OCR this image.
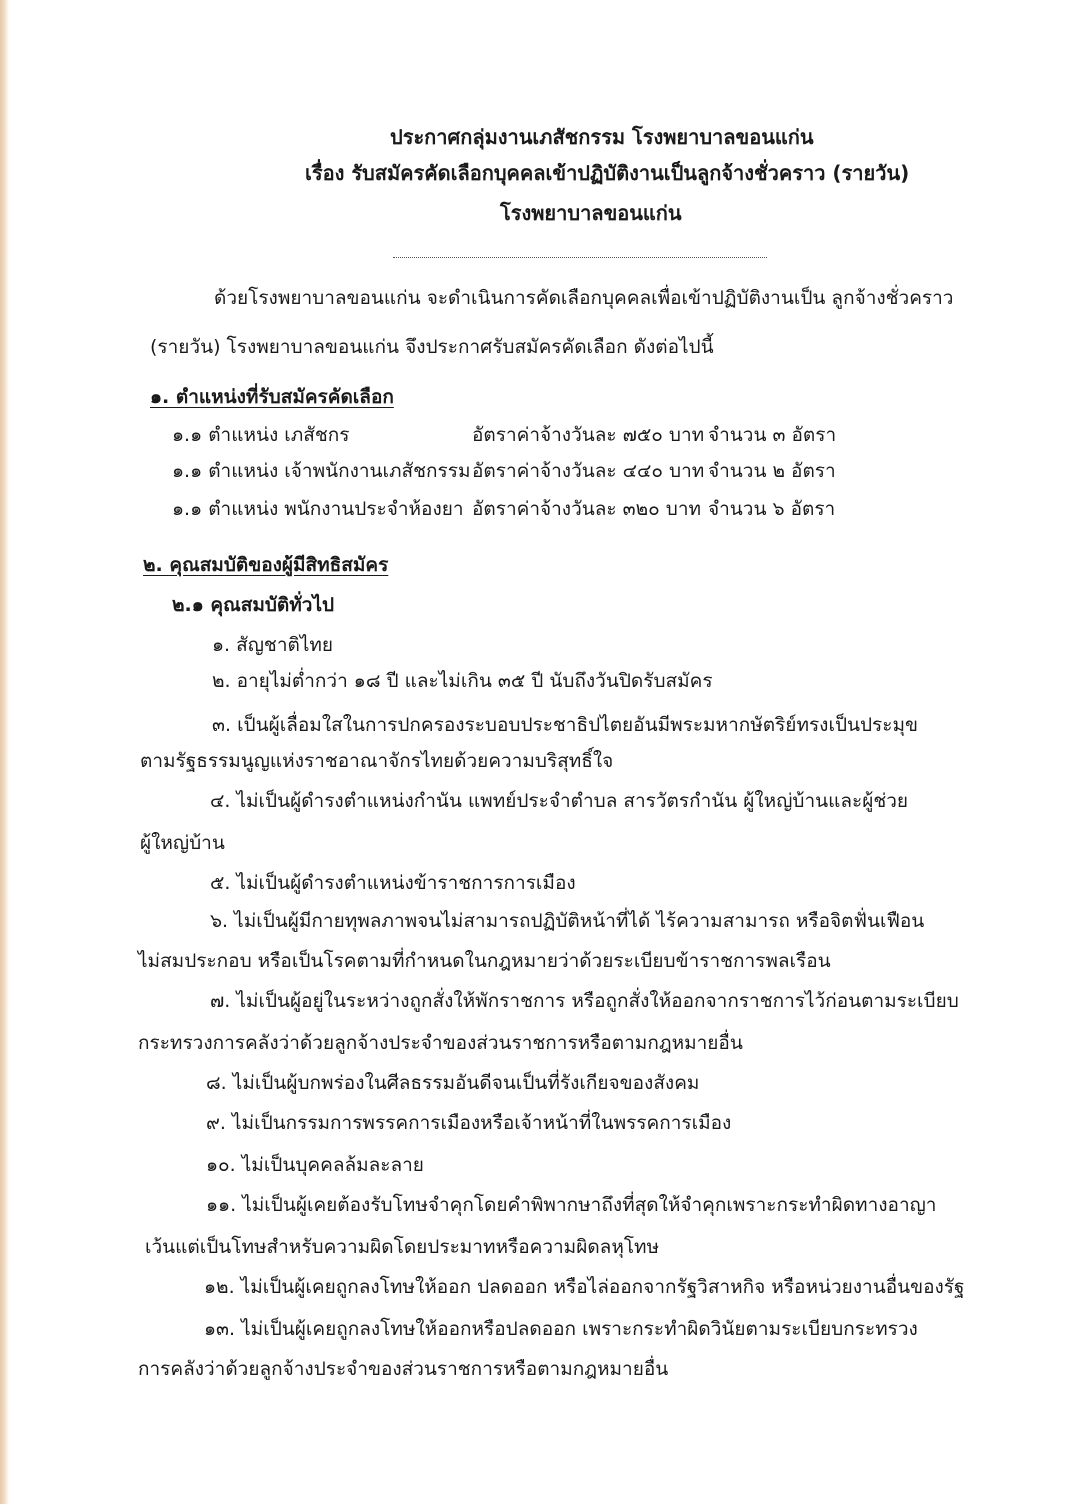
ประกาศกลุ่มงานเภสัชกรรม โรงพยาบาลขอนแก่น
เรื่อง รับสมัครคัดเลือกบุคคลเข้าปฏิบัติงานเป็นลูกจ้างชั่วคราว (รายวัน)
โรงพยาบาลขอนแก่น
ด้วยโรงพยาบาลขอนแก่น จะดำเนินการคัดเลือกบุคคลเพื่อเข้าปฏิบัติงานเป็น ลูกจ้างชั่วคราว
(รายวัน) โรงพยาบาลขอนแก่น จึงประกาศรับสมัครคัดเลือก ดังต่อไปนี้
๑. ตำแหน่งที่รับสมัครคัดเลือก
๑.๑ ตำแหน่ง เภสัชกร	อัตราค่าจ้างวันละ ๗๕๐ บาท จำนวน ๓ อัตรา
๑.๑ ตำแหน่ง เจ้าพนักงานเภสัชกรรม อัตราค่าจ้างวันละ ๔๔๐ บาท จำนวน ๒ อัตรา
๑.๑ ตำแหน่ง พนักงานประจำห้องยา อัตราค่าจ้างวันละ ๓๒๐ บาท จำนวน ๖ อัตรา
๒. คุณสมบัติของผู้มีสิทธิสมัคร
๒.๑ คุณสมบัติทั่วไป
๑. สัญชาติไทย
๒. อายุไม่ต่ำกว่า ๑๘ ปี และไม่เกิน ๓๕ ปี นับถึงวันปิดรับสมัคร
๓. เป็นผู้เลื่อมใสในการปกครองระบอบประชาธิปไตยอันมีพระมหากษัตริย์ทรงเป็นประมุข
ตามรัฐธรรมนูญแห่งราชอาณาจักรไทยด้วยความบริสุทธิ์ใจ
๔. ไม่เป็นผู้ดำรงตำแหน่งกำนัน แพทย์ประจำตำบล สารวัตรกำนัน ผู้ใหญ่บ้านและผู้ช่วย
ผู้ใหญ่บ้าน
๕. ไม่เป็นผู้ดำรงตำแหน่งข้าราชการการเมือง
๖. ไม่เป็นผู้มีกายทุพลภาพจนไม่สามารถปฏิบัติหน้าที่ได้ ไร้ความสามารถ หรือจิตฟั่นเฟือน
ไม่สมประกอบ หรือเป็นโรคตามที่กำหนดในกฎหมายว่าด้วยระเบียบข้าราชการพลเรือน
๗. ไม่เป็นผู้อยู่ในระหว่างถูกสั่งให้พักราชการ หรือถูกสั่งให้ออกจากราชการไว้ก่อนตามระเบียบ
กระทรวงการคลังว่าด้วยลูกจ้างประจำของส่วนราชการหรือตามกฎหมายอื่น
๘. ไม่เป็นผู้บกพร่องในศีลธรรมอันดีจนเป็นที่รังเกียจของสังคม
๙. ไม่เป็นกรรมการพรรคการเมืองหรือเจ้าหน้าที่ในพรรคการเมือง
๑๐. ไม่เป็นบุคคลล้มละลาย
๑๑. ไม่เป็นผู้เคยต้องรับโทษจำคุกโดยคำพิพากษาถึงที่สุดให้จำคุกเพราะกระทำผิดทางอาญา
เว้นแต่เป็นโทษสำหรับความผิดโดยประมาทหรือความผิดลหุโทษ
๑๒. ไม่เป็นผู้เคยถูกลงโทษให้ออก ปลดออก หรือไล่ออกจากรัฐวิสาหกิจ หรือหน่วยงานอื่นของรัฐ
๑๓. ไม่เป็นผู้เคยถูกลงโทษให้ออกหรือปลดออก เพราะกระทำผิดวินัยตามระเบียบกระทรวง
การคลังว่าด้วยลูกจ้างประจำของส่วนราชการหรือตามกฎหมายอื่น
